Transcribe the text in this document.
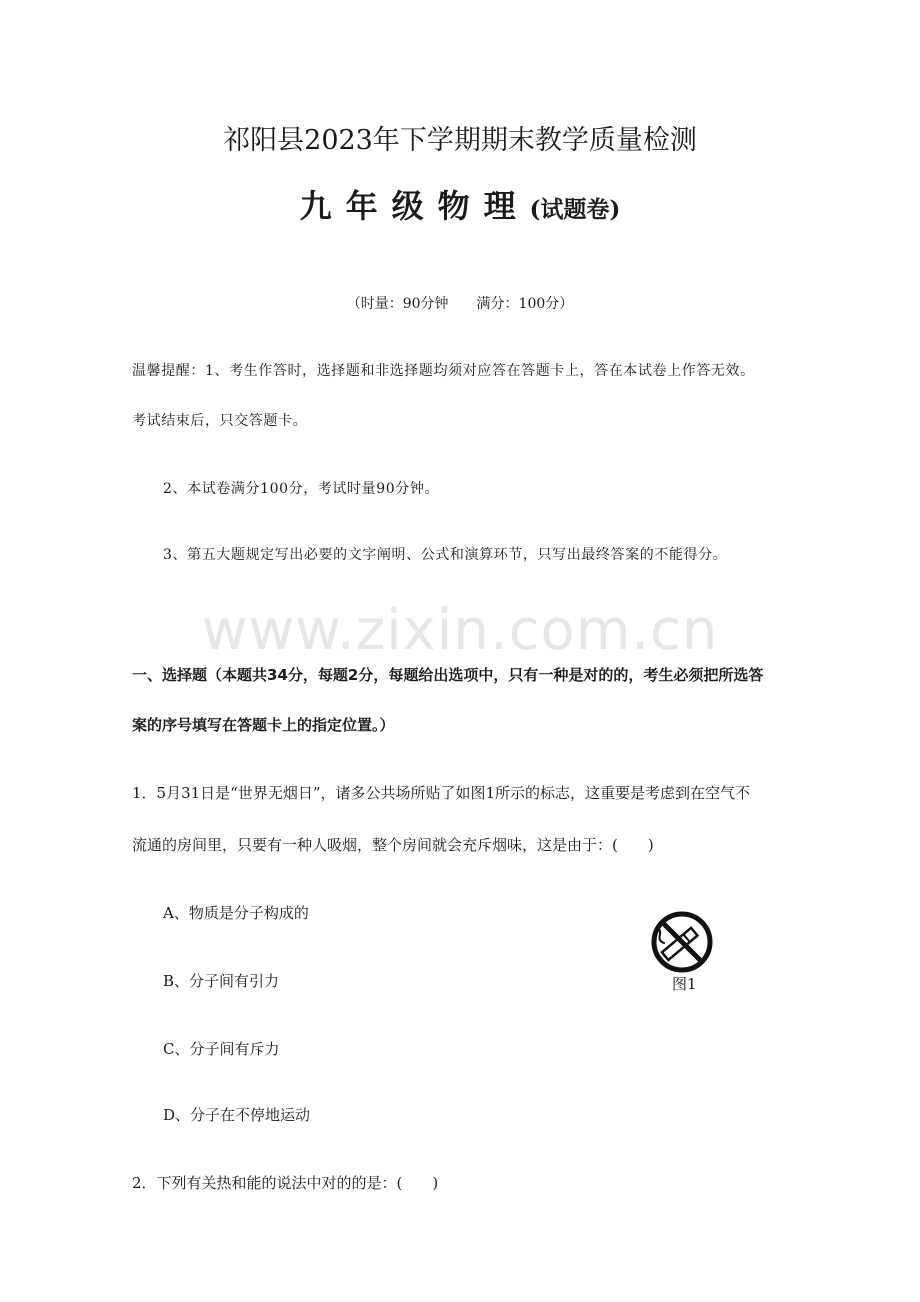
祁阳县2023年下学期期末教学质量检测
九年级物理(试题卷)
（时量：90分钟 满分：100分）
温馨提醒：1、考生作答时，选择题和非选择题均须对应答在答题卡上，答在本试卷上作答无效。
考试结束后，只交答题卡。
2、本试卷满分100分，考试时量90分钟。
3、第五大题规定写出必要的文字阐明、公式和演算环节，只写出最终答案的不能得分。
www.zixin.com.cn
一、选择题（本题共34分，每题2分，每题给出选项中，只有一种是对的的，考生必须把所选答
案的序号填写在答题卡上的指定位置。）
1．5月31日是“世界无烟日”，诸多公共场所贴了如图1所示的标志，这重要是考虑到在空气不
流通的房间里，只要有一种人吸烟，整个房间就会充斥烟味，这是由于：(　　)
A、物质是分子构成的
B、分子间有引力
C、分子间有斥力
D、分子在不停地运动
图1
2．下列有关热和能的说法中对的的是：(　　)
